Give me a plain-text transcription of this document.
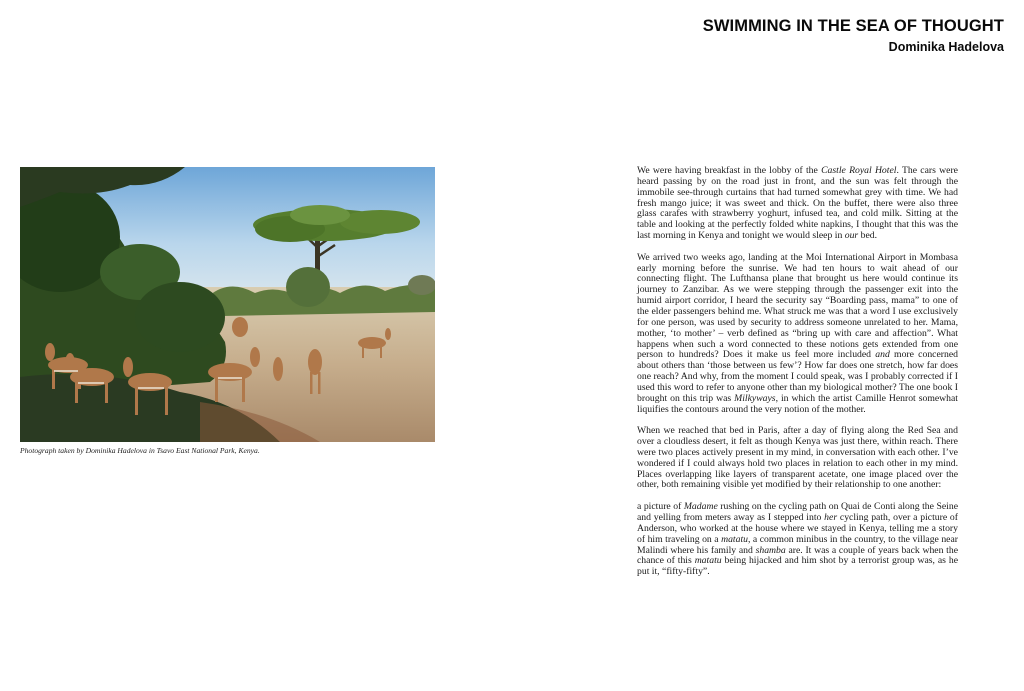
SWIMMING IN THE SEA OF THOUGHT
Dominika Hadelova
Photograph taken by Dominika Hadelova in Tsavo East National Park, Kenya.

We were having breakfast in the lobby of the Castle Royal Hotel. The cars were heard passing by on the road just in front, and the sun was felt through the immobile see-through curtains that had turned somewhat grey with time. We had fresh mango juice; it was sweet and thick. On the buffet, there were also three glass carafes with strawberry yoghurt, infused tea, and cold milk. Sitting at the table and looking at the perfectly folded white napkins, I thought that this was the last morning in Kenya and tonight we would sleep in our bed.

We arrived two weeks ago, landing at the Moi International Airport in Mombasa early morning before the sunrise. We had ten hours to wait ahead of our connecting flight. The Lufthansa plane that brought us here would continue its journey to Zanzibar. As we were stepping through the passenger exit into the humid airport corridor, I heard the security say “Boarding pass, mama” to one of the elder passengers behind me. What struck me was that a word I use exclusively for one person, was used by security to address someone unrelated to her. Mama, mother, ‘to mother’ – verb defined as “bring up with care and affection”. What happens when such a word connected to these notions gets extended from one person to hundreds? Does it make us feel more included and more concerned about others than ‘those between us few’? How far does one stretch, how far does one reach? And why, from the moment I could speak, was I probably corrected if I used this word to refer to anyone other than my biological mother? The one book I brought on this trip was Milkyways, in which the artist Camille Henrot somewhat liquifies the contours around the very notion of the mother.

When we reached that bed in Paris, after a day of flying along the Red Sea and over a cloudless desert, it felt as though Kenya was just there, within reach. There were two places actively present in my mind, in conversation with each other. I’ve wondered if I could always hold two places in relation to each other in my mind. Places overlapping like layers of transparent acetate, one image placed over the other, both remaining visible yet modified by their relationship to one another:

a picture of Madame rushing on the cycling path on Quai de Conti along the Seine and yelling from meters away as I stepped into her cycling path, over a picture of Anderson, who worked at the house where we stayed in Kenya, telling me a story of him traveling on a matatu, a common minibus in the country, to the village near Malindi where his family and shamba are. It was a couple of years back when the chance of this matatu being hijacked and him shot by a terrorist group was, as he put it, “fifty-fifty”.
